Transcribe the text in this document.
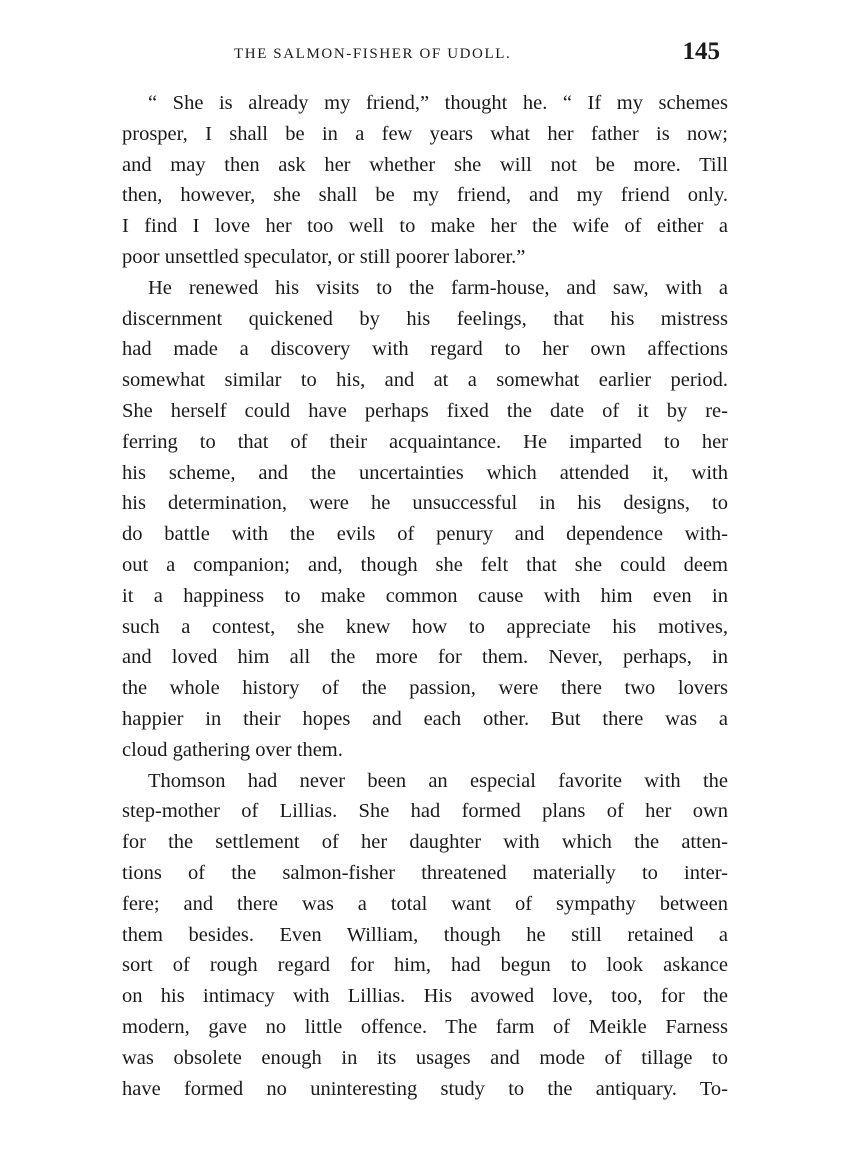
THE SALMON-FISHER OF UDOLL.	145
“ She is already my friend,” thought he. “ If my schemes
prosper, I shall be in a few years what her father is now;
and may then ask her whether she will not be more. Till
then, however, she shall be my friend, and my friend only.
I find I love her too well to make her the wife of either a
poor unsettled speculator, or still poorer laborer.”
He renewed his visits to the farm-house, and saw, with a
discernment quickened by his feelings, that his mistress
had made a discovery with regard to her own affections
somewhat similar to his, and at a somewhat earlier period.
She herself could have perhaps fixed the date of it by re-
ferring to that of their acquaintance. He imparted to her
his scheme, and the uncertainties which attended it, with
his determination, were he unsuccessful in his designs, to
do battle with the evils of penury and dependence with-
out a companion; and, though she felt that she could deem
it a happiness to make common cause with him even in
such a contest, she knew how to appreciate his motives,
and loved him all the more for them. Never, perhaps, in
the whole history of the passion, were there two lovers
happier in their hopes and each other. But there was a
cloud gathering over them.
Thomson had never been an especial favorite with the
step-mother of Lillias. She had formed plans of her own
for the settlement of her daughter with which the atten-
tions of the salmon-fisher threatened materially to inter-
fere; and there was a total want of sympathy between
them besides. Even William, though he still retained a
sort of rough regard for him, had begun to look askance
on his intimacy with Lillias. His avowed love, too, for the
modern, gave no little offence. The farm of Meikle Farness
was obsolete enough in its usages and mode of tillage to
have formed no uninteresting study to the antiquary. To-
